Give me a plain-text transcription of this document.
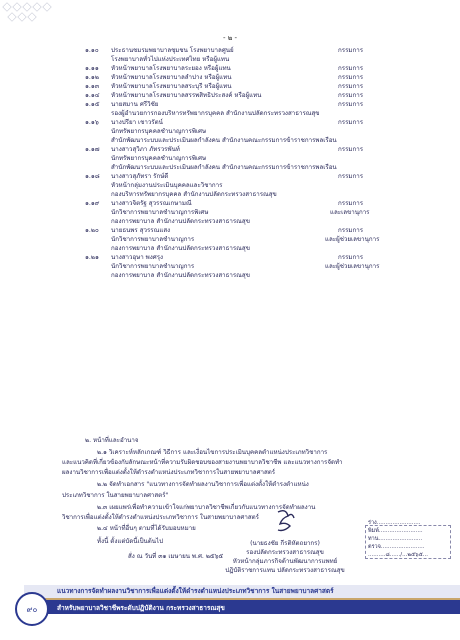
- ๒ -
๑.๑๐ ประธานชมรมพยาบาลชุมชน โรงพยาบาลศูนย์	กรรมการ
โรงพยาบาลทั่วไปแห่งประเทศไทย หรือผู้แทน
๑.๑๑ หัวหน้าพยาบาลโรงพยาบาลระยอง หรือผู้แทน	กรรมการ
๑.๑๒ หัวหน้าพยาบาลโรงพยาบาลลำปาง หรือผู้แทน	กรรมการ
๑.๑๓ หัวหน้าพยาบาลโรงพยาบาลสระบุรี หรือผู้แทน	กรรมการ
๑.๑๔ หัวหน้าพยาบาลโรงพยาบาลสรรพสิทธิประสงค์ หรือผู้แทน	กรรมการ
๑.๑๕ นายสมาน ศรีวิชัย	กรรมการ
รองผู้อำนวยการกองบริหารทรัพยากรบุคคล สำนักงานปลัดกระทรวงสาธารณสุข
๑.๑๖ นางปรียา เชาวรัตน์	กรรมการ
นักทรัพยากรบุคคลชำนาญการพิเศษ
สำนักพัฒนาระบบและประเมินผลกำลังคน สำนักงานคณะกรรมการข้าราชการพลเรือน
๑.๑๗ นางสาวสุวิภา ภัทรวรพันท์	กรรมการ
นักทรัพยากรบุคคลชำนาญการพิเศษ
สำนักพัฒนาระบบและประเมินผลกำลังคน สำนักงานคณะกรรมการข้าราชการพลเรือน
๑.๑๘ นางสาวสุภัทรา รักษ์ดี	กรรมการ
หัวหน้ากลุ่มงานประเมินบุคคลและวิชาการ
กองบริหารทรัพยากรบุคคล สำนักงานปลัดกระทรวงสาธารณสุข
๑.๑๙ นางสาวจิตรัฐ สุวรรณเกษามณี	กรรมการ
นักวิชาการพยาบาลชำนาญการพิเศษ	และเลขานุการ
กองการพยาบาล สำนักงานปลัดกระทรวงสาธารณสุข
๑.๒๐ นายธนพร สุวรรณแสง	กรรมการ
นักวิชาการพยาบาลชำนาญการ	และผู้ช่วยเลขานุการ
กองการพยาบาล สำนักงานปลัดกระทรวงสาธารณสุข
๑.๒๑ นางสาวอุษา พงศรุง	กรรมการ
นักวิชาการพยาบาลชำนาญการ	และผู้ช่วยเลขานุการ
กองการพยาบาล สำนักงานปลัดกระทรวงสาธารณสุข
๒. หน้าที่และอำนาจ
๒.๑ วิเคราะห์หลักเกณฑ์ วิธีการ และเงื่อนไขการประเมินบุคคลตำแหน่งประเภทวิชาการ
และแนวคิดที่เกี่ยวข้องกับลักษณะหน้าที่ความรับผิดชอบของสายงานพยาบาลวิชาชีพ และแนวทางการจัดทำ
ผลงานวิชาการเพื่อแต่งตั้งให้ดำรงตำแหน่งประเภทวิชาการในสายพยาบาลศาสตร์
๒.๒ จัดทำเอกสาร "แนวทางการจัดทำผลงานวิชาการเพื่อแต่งตั้งให้ดำรงตำแหน่ง
ประเภทวิชาการ ในสายพยาบาลศาสตร์"
๒.๓ เผยแพร่เพื่อทำความเข้าใจแก่พยาบาลวิชาชีพเกี่ยวกับแนวทางการจัดทำผลงาน
วิชาการเพื่อแต่งตั้งให้ดำรงตำแหน่งประเภทวิชาการ ในสายพยาบาลศาสตร์
๒.๔ หน้าที่อื่นๆ ตามที่ได้รับมอบหมาย
ทั้งนี้ ตั้งแต่บัดนี้เป็นต้นไป
สั่ง ณ วันที่ ๓๑ เมษายน พ.ศ. ๒๕๖๕
(นายธงชัย กีรติหัตถยากร)
รองปลัดกระทรวงสาธารณสุข
หัวหน้ากลุ่มภารกิจด้านพัฒนาการแพทย์
ปฏิบัติราชการแทน ปลัดกระทรวงสาธารณสุข
ร่าง.........................
พิมพ์.........................
ทาน.........................
ตรวจ.........................
..........๘....../...๒๕๖๕...
๙๐
แนวทางการจัดทำผลงานวิชาการเพื่อแต่งตั้งให้ดำรงตำแหน่งประเภทวิชาการ ในสายพยาบาลศาสตร์
สำหรับพยาบาลวิชาชีพระดับปฏิบัติงาน กระทรวงสาธารณสุข
